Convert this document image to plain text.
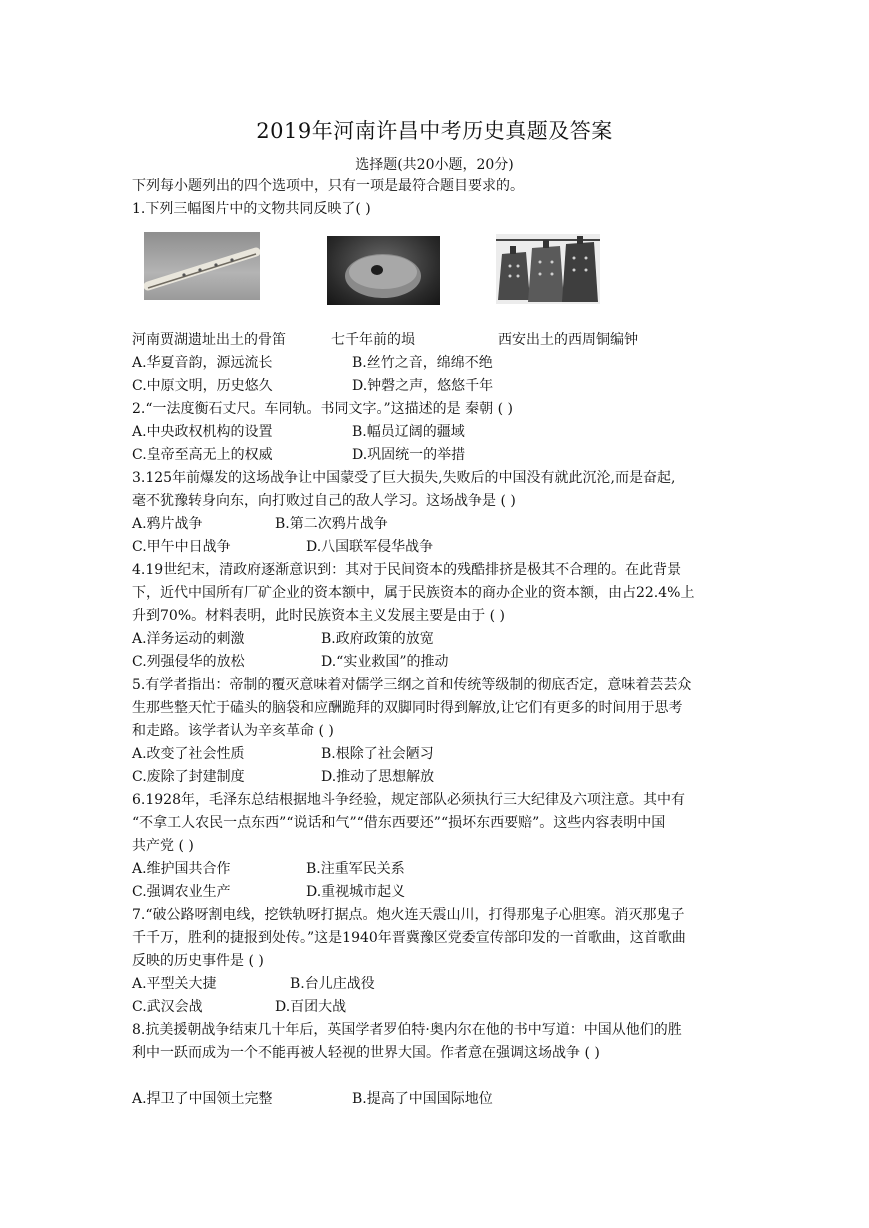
2019年河南许昌中考历史真题及答案
选择题(共20小题，20分)
下列每小题列出的四个选项中，只有一项是最符合题目要求的。
1.下列三幅图片中的文物共同反映了( )
河南贾湖遗址出土的骨笛	七千年前的埙	西安出土的西周铜编钟
A.华夏音韵，源远流长	B.丝竹之音，绵绵不绝
C.中原文明，历史悠久	D.钟磬之声，悠悠千年
2.“一法度衡石丈尺。车同轨。书同文字。”这描述的是 秦朝 ( )
A.中央政权机构的设置	B.幅员辽阔的疆域
C.皇帝至高无上的权威	D.巩固统一的举措
3.125年前爆发的这场战争让中国蒙受了巨大损失,失败后的中国没有就此沉沦,而是奋起,
毫不犹豫转身向东，向打败过自己的敌人学习。这场战争是 ( )
A.鸦片战争	B.第二次鸦片战争
C.甲午中日战争	D.八国联军侵华战争
4.19世纪末，清政府逐渐意识到：其对于民间资本的残酷排挤是极其不合理的。在此背景
下，近代中国所有厂矿企业的资本额中，属于民族资本的商办企业的资本额，由占22.4%上
升到70%。材料表明，此时民族资本主义发展主要是由于 ( )
A.洋务运动的刺激	B.政府政策的放宽
C.列强侵华的放松	D.“实业救国”的推动
5.有学者指出：帝制的覆灭意味着对儒学三纲之首和传统等级制的彻底否定，意味着芸芸众
生那些整天忙于磕头的脑袋和应酬跪拜的双脚同时得到解放,让它们有更多的时间用于思考
和走路。该学者认为辛亥革命 ( )
A.改变了社会性质	B.根除了社会陋习
C.废除了封建制度	D.推动了思想解放
6.1928年，毛泽东总结根据地斗争经验，规定部队必须执行三大纪律及六项注意。其中有
“不拿工人农民一点东西”“说话和气”“借东西要还”“损坏东西要赔”。这些内容表明中国
共产党 ( )
A.维护国共合作	B.注重军民关系
C.强调农业生产	D.重视城市起义
7.“破公路呀割电线，挖铁轨呀打据点。炮火连天震山川，打得那鬼子心胆寒。消灭那鬼子
千千万，胜利的捷报到处传。”这是1940年晋冀豫区党委宣传部印发的一首歌曲，这首歌曲
反映的历史事件是 ( )
A.平型关大捷	B.台儿庄战役
C.武汉会战	D.百团大战
8.抗美援朝战争结束几十年后，英国学者罗伯特·奥内尔在他的书中写道：中国从他们的胜
利中一跃而成为一个不能再被人轻视的世界大国。作者意在强调这场战争 ( )
A.捍卫了中国领土完整	B.提高了中国国际地位
